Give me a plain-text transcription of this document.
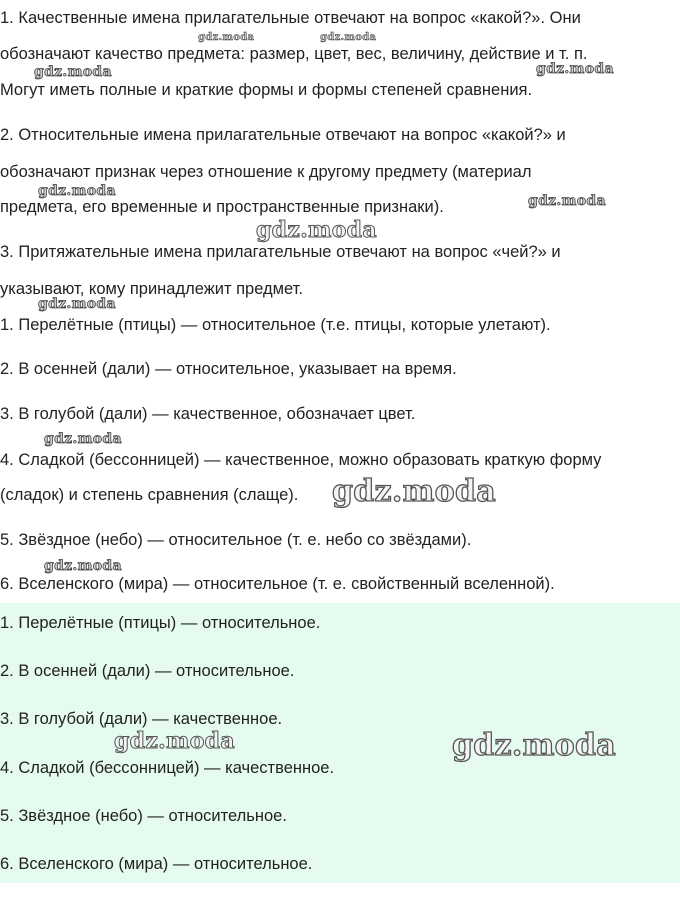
1. Качественные имена прилагательные отвечают на вопрос «какой?». Они
обозначают качество предмета: размер, цвет, вес, величину, действие и т. п.
Могут иметь полные и краткие формы и формы степеней сравнения.
2. Относительные имена прилагательные отвечают на вопрос «какой?» и
обозначают признак через отношение к другому предмету (материал
предмета, его временные и пространственные признаки).
3. Притяжательные имена прилагательные отвечают на вопрос «чей?» и
указывают, кому принадлежит предмет.
1. Перелётные (птицы) — относительное (т.е. птицы, которые улетают).
2. В осенней (дали) — относительное, указывает на время.
3. В голубой (дали) — качественное, обозначает цвет.
4. Сладкой (бессонницей) — качественное, можно образовать краткую форму
(сладок) и степень сравнения (слаще).
5. Звёздное (небо) — относительное (т. е. небо со звёздами).
6. Вселенского (мира) — относительное (т. е. свойственный вселенной).
1. Перелётные (птицы) — относительное.
2. В осенней (дали) — относительное.
3. В голубой (дали) — качественное.
4. Сладкой (бессонницей) — качественное.
5. Звёздное (небо) — относительное.
6. Вселенского (мира) — относительное.
gdz.moda	gdz.moda
gdz.moda	gdz.moda
gdz.moda
gdz.moda
gdz.moda
gdz.moda
gdz.moda
gdz.moda
gdz.moda
gdz.moda	gdz.moda
